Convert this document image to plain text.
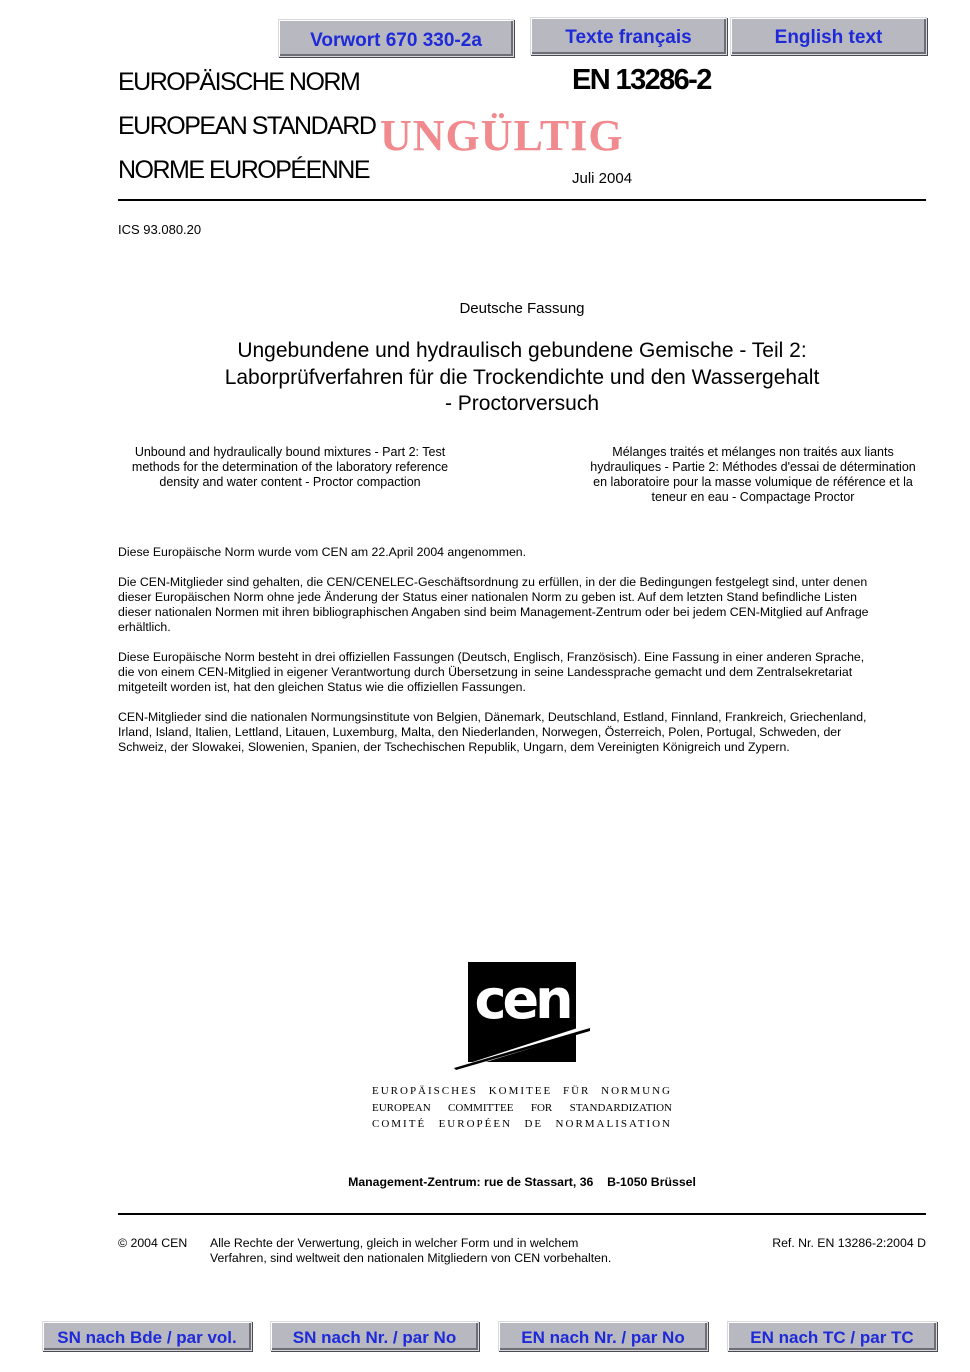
Vorwort 670 330-2a	Texte français	English text
EUROPÄISCHE NORM
EUROPEAN STANDARD
NORME EUROPÉENNE
EN 13286-2
UNGÜLTIG
Juli 2004
ICS 93.080.20
Deutsche Fassung
Ungebundene und hydraulisch gebundene Gemische - Teil 2:
Laborprüfverfahren für die Trockendichte und den Wassergehalt
- Proctorversuch
Unbound and hydraulically bound mixtures - Part 2: Test
methods for the determination of the laboratory reference
density and water content - Proctor compaction
Mélanges traités et mélanges non traités aux liants
hydrauliques - Partie 2: Méthodes d'essai de détermination
en laboratoire pour la masse volumique de référence et la
teneur en eau - Compactage Proctor
Diese Europäische Norm wurde vom CEN am 22.April 2004 angenommen.
Die CEN-Mitglieder sind gehalten, die CEN/CENELEC-Geschäftsordnung zu erfüllen, in der die Bedingungen festgelegt sind, unter denen
dieser Europäischen Norm ohne jede Änderung der Status einer nationalen Norm zu geben ist. Auf dem letzten Stand befindliche Listen
dieser nationalen Normen mit ihren bibliographischen Angaben sind beim Management-Zentrum oder bei jedem CEN-Mitglied auf Anfrage
erhältlich.
Diese Europäische Norm besteht in drei offiziellen Fassungen (Deutsch, Englisch, Französisch). Eine Fassung in einer anderen Sprache,
die von einem CEN-Mitglied in eigener Verantwortung durch Übersetzung in seine Landessprache gemacht und dem Zentralsekretariat
mitgeteilt worden ist, hat den gleichen Status wie die offiziellen Fassungen.
CEN-Mitglieder sind die nationalen Normungsinstitute von Belgien, Dänemark, Deutschland, Estland, Finnland, Frankreich, Griechenland,
Irland, Island, Italien, Lettland, Litauen, Luxemburg, Malta, den Niederlanden, Norwegen, Österreich, Polen, Portugal, Schweden, der
Schweiz, der Slowakei, Slowenien, Spanien, der Tschechischen Republik, Ungarn, dem Vereinigten Königreich und Zypern.
cen
EUROPÄISCHES KOMITEE FÜR NORMUNG
EUROPEAN COMMITTEE FOR STANDARDIZATION
COMITÉ EUROPÉEN DE NORMALISATION
Management-Zentrum: rue de Stassart, 36    B-1050 Brüssel
© 2004 CEN Alle Rechte der Verwertung, gleich in welcher Form und in welchem
Verfahren, sind weltweit den nationalen Mitgliedern von CEN vorbehalten.
Ref. Nr. EN 13286-2:2004 D
SN nach Bde / par vol.	SN nach Nr. / par No	EN nach Nr. / par No	EN nach TC / par TC
